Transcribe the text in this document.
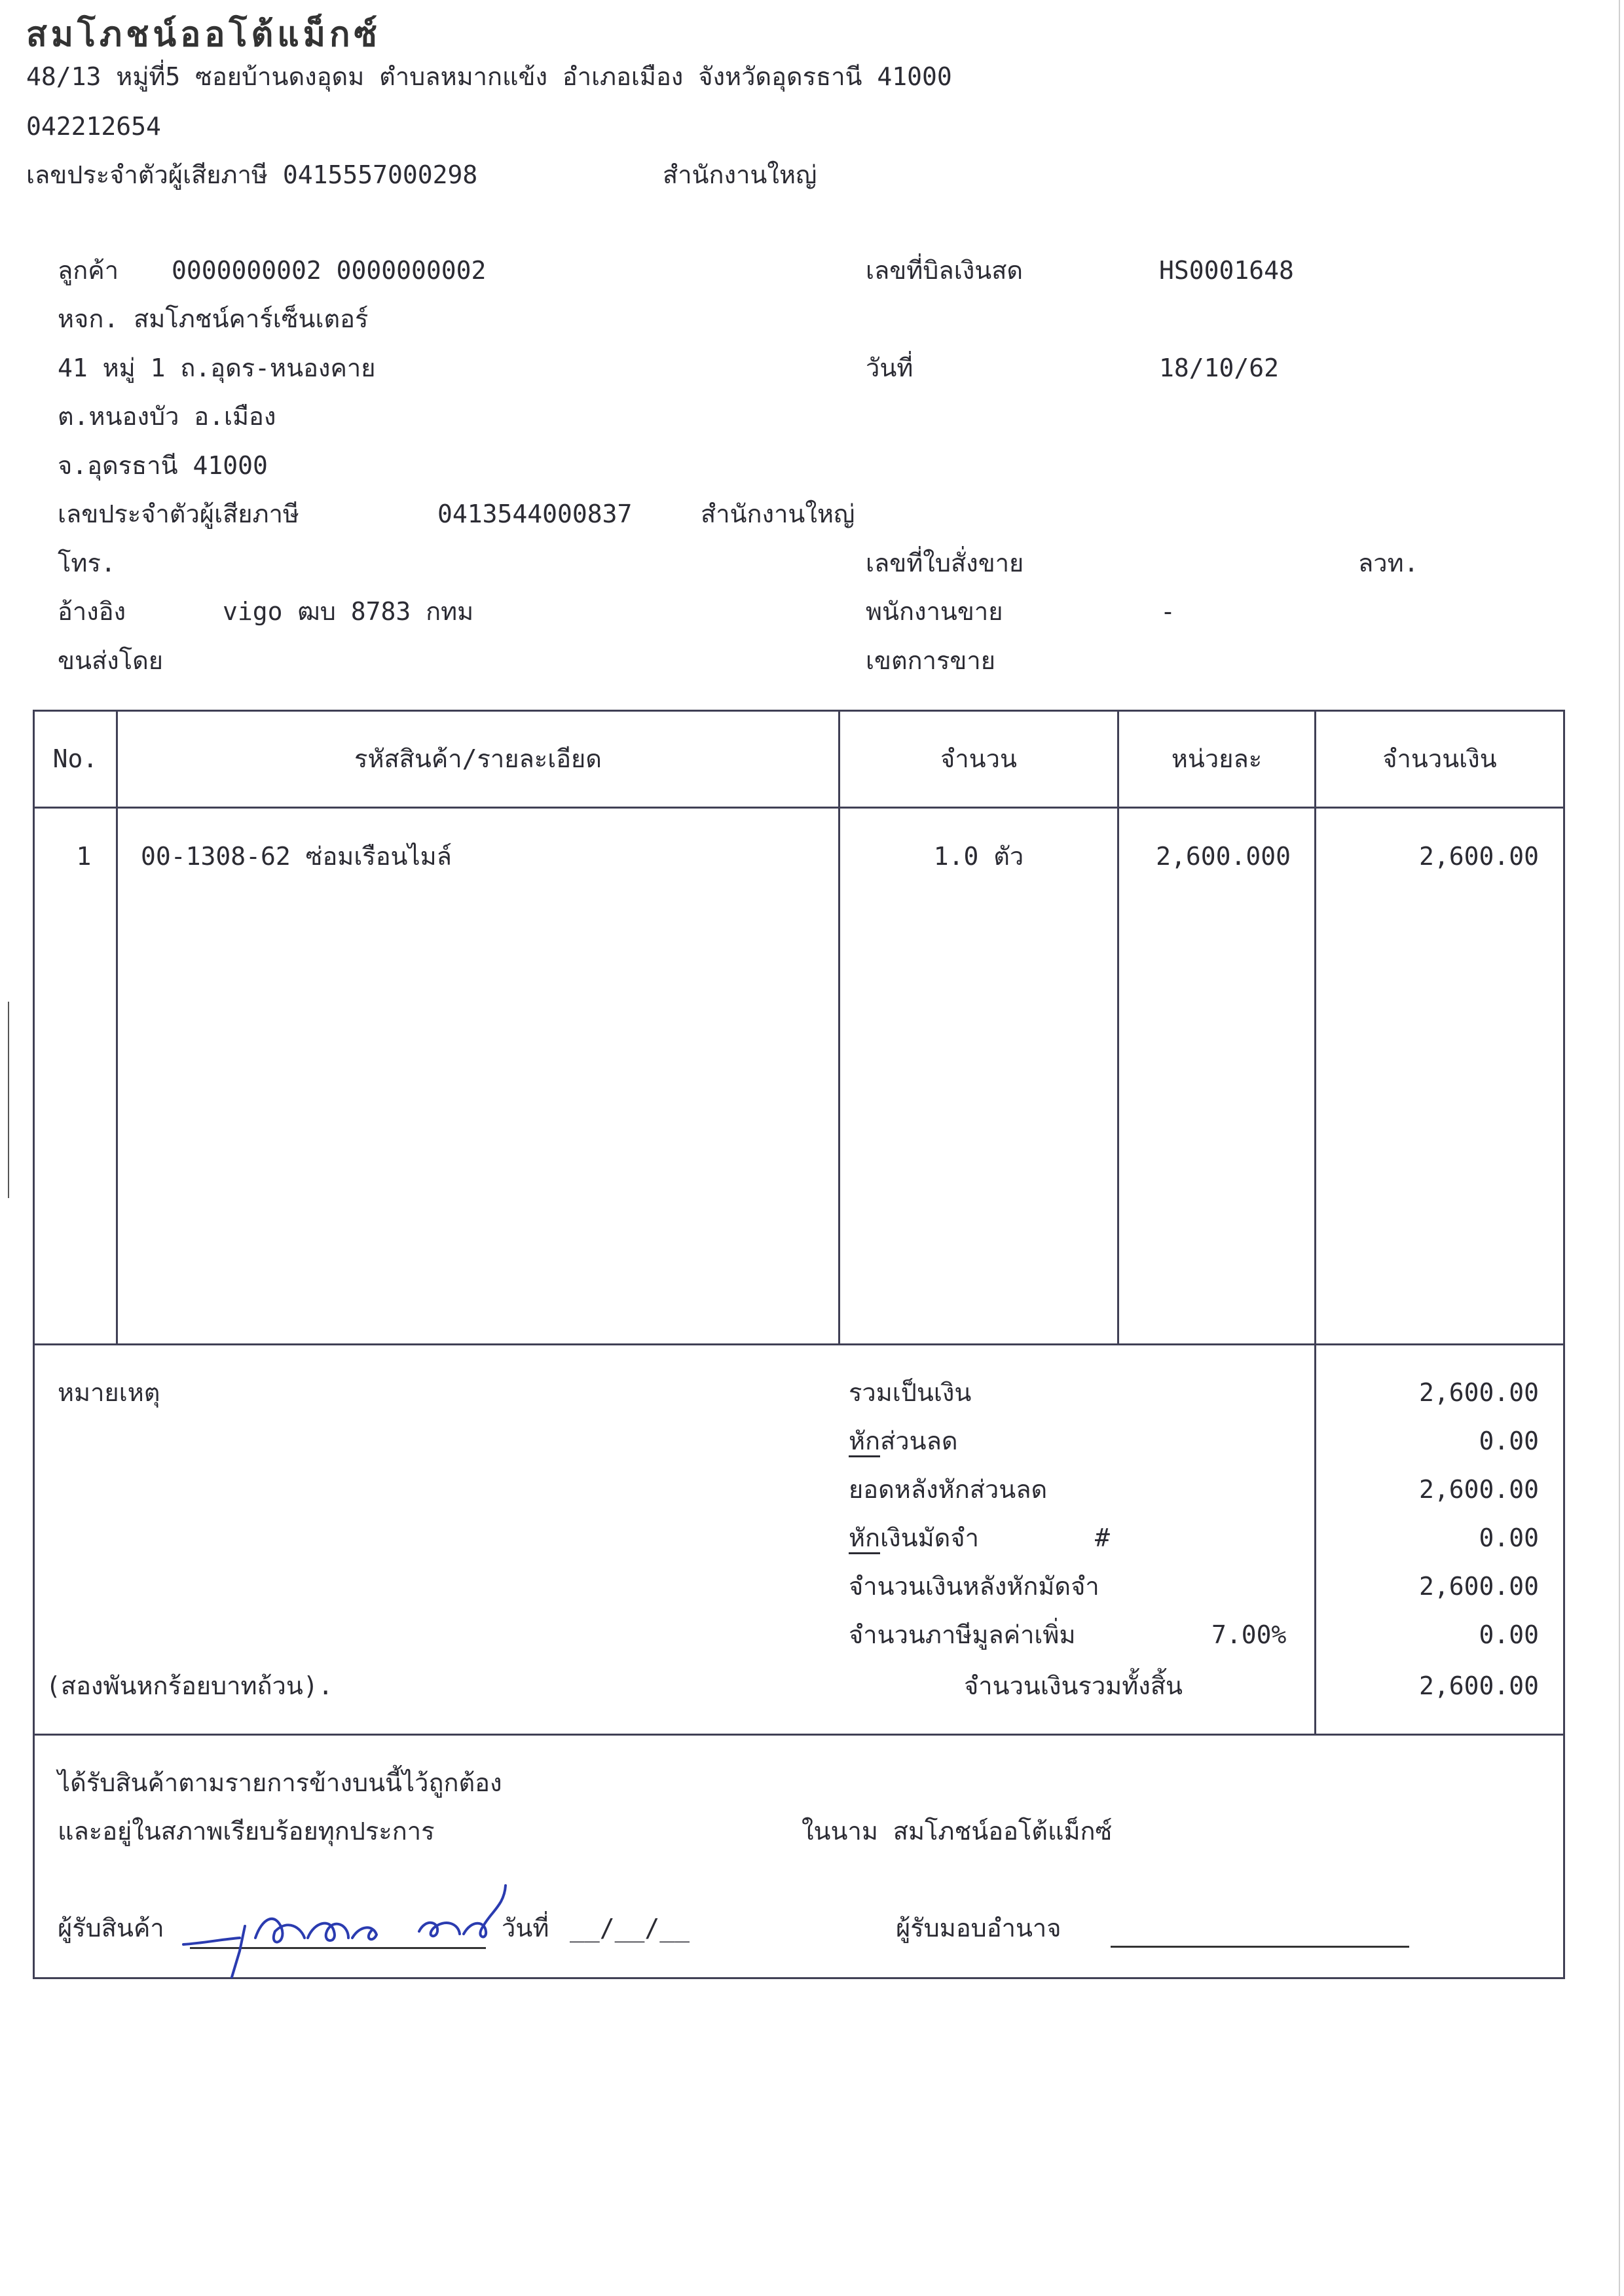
สมโภชน์ออโต้แม็กซ์
48/13 หมู่ที่5 ซอยบ้านดงอุดม ตำบลหมากแข้ง อำเภอเมือง จังหวัดอุดรธานี 41000
042212654
เลขประจำตัวผู้เสียภาษี 0415557000298	สำนักงานใหญ่
ลูกค้า 0000000002 0000000002
หจก. สมโภชน์คาร์เซ็นเตอร์
41 หมู่ 1 ถ.อุดร-หนองคาย
ต.หนองบัว อ.เมือง
จ.อุดรธานี 41000
เลขประจำตัวผู้เสียภาษี	0413544000837	สำนักงานใหญ่
โทร.
อ้างอิง	vigo ฒบ 8783 กทม
ขนส่งโดย
เลขที่บิลเงินสด	HS0001648
วันที่	18/10/62
เลขที่ใบสั่งขาย	ลวท.
พนักงานขาย	-
เขตการขาย
No.	รหัสสินค้า/รายละเอียด	จำนวน	หน่วยละ	จำนวนเงิน
1	00-1308-62 ซ่อมเรือนไมล์	1.0 ตัว	2,600.000	2,600.00
หมายเหตุ
(สองพันหกร้อยบาทถ้วน).
รวมเป็นเงิน	2,600.00
หักส่วนลด	0.00
ยอดหลังหักส่วนลด	2,600.00
หักเงินมัดจำ	#	0.00
จำนวนเงินหลังหักมัดจำ	2,600.00
จำนวนภาษีมูลค่าเพิ่ม	7.00%	0.00
จำนวนเงินรวมทั้งสิ้น	2,600.00
ได้รับสินค้าตามรายการข้างบนนี้ไว้ถูกต้อง
และอยู่ในสภาพเรียบร้อยทุกประการ	ในนาม สมโภชน์ออโต้แม็กซ์
ผู้รับสินค้า	วันที่ __/__/__	ผู้รับมอบอำนาจ
